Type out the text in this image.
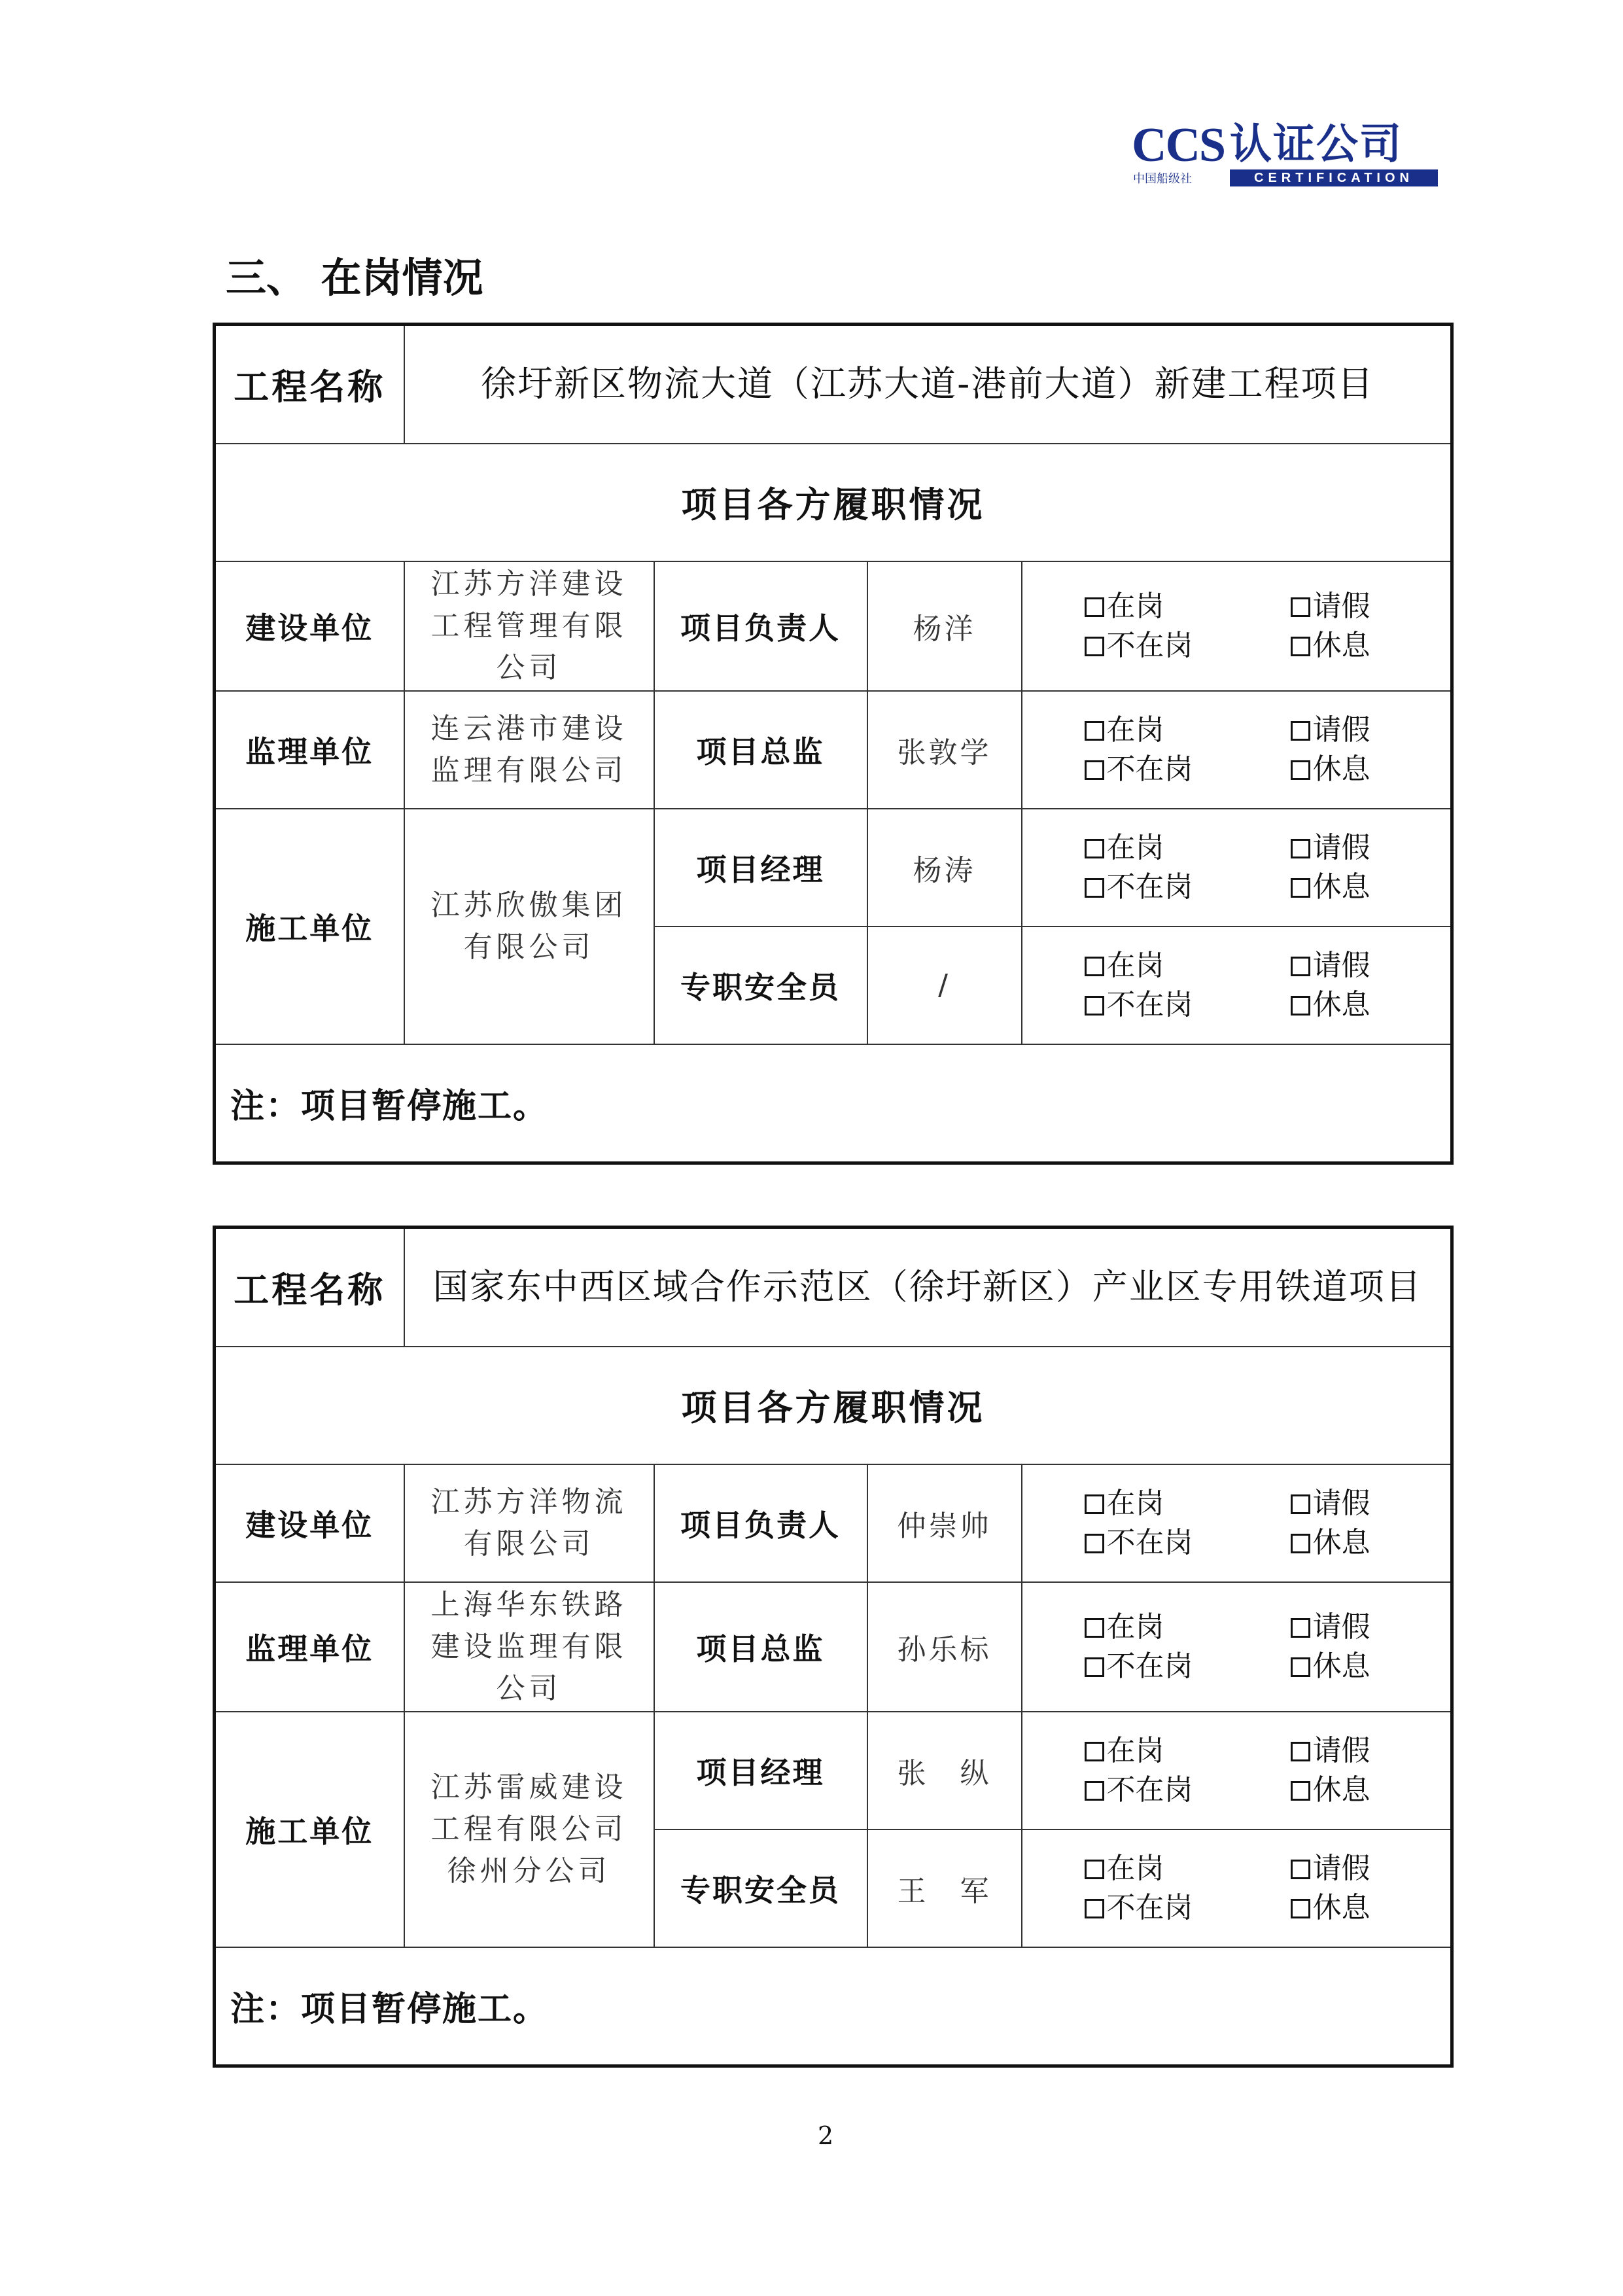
CCS
中国船级社
认证公司
CERTIFICATION
三、 在岗情况
工程名称	徐圩新区物流大道（江苏大道-港前大道）新建工程项目			
项目各方履职情况				
建设单位	江苏方洋建设工程管理有限公司	项目负责人	杨洋	在岗 请假
不在岗 休息

监理单位	连云港市建设监理有限公司	项目总监	张敦学	在岗 请假
不在岗 休息

施工单位	江苏欣傲集团有限公司	项目经理	杨涛	在岗 请假
不在岗 休息

		专职安全员	/	在岗 请假
不在岗 休息

注：项目暂停施工。				
工程名称	国家东中西区域合作示范区（徐圩新区）产业区专用铁道项目			
项目各方履职情况				
建设单位	江苏方洋物流有限公司	项目负责人	仲崇帅	在岗 请假
不在岗 休息

监理单位	上海华东铁路建设监理有限公司	项目总监	孙乐标	在岗 请假
不在岗 休息

施工单位	江苏雷威建设工程有限公司徐州分公司	项目经理	张　纵	在岗 请假
不在岗 休息

		专职安全员	王　军	在岗 请假
不在岗 休息

注：项目暂停施工。				
2
